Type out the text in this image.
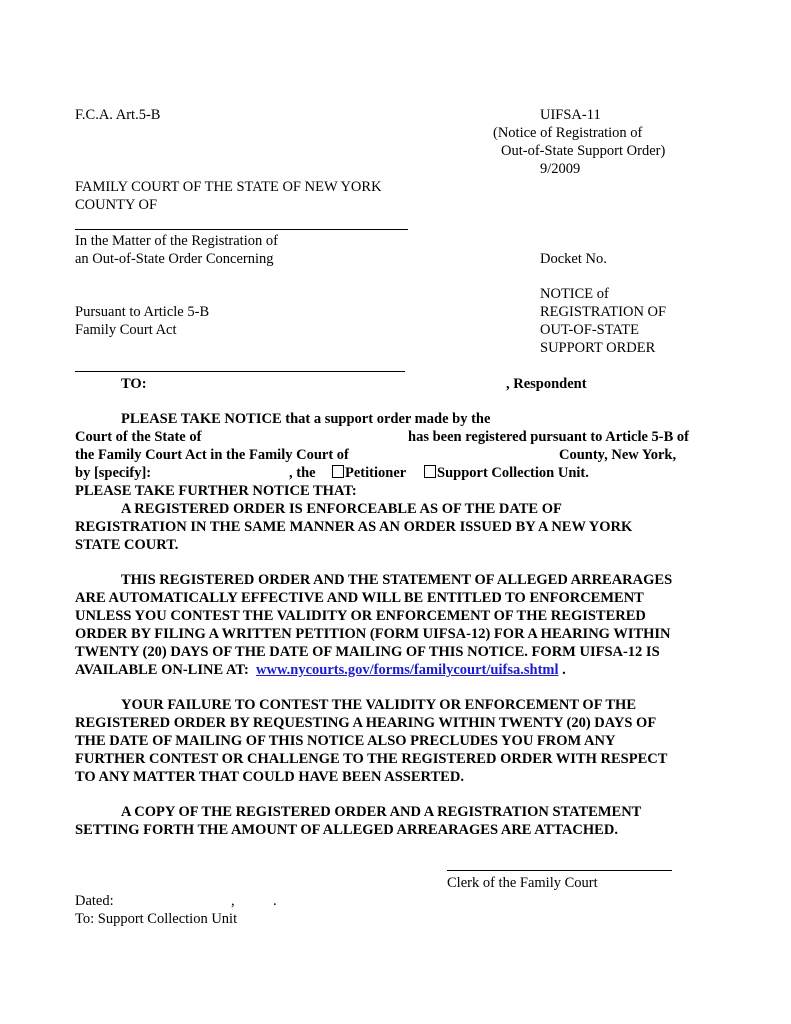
F.C.A. Art.5-B	UIFSA-11
(Notice of Registration of
Out-of-State Support Order)
9/2009
FAMILY COURT OF THE STATE OF NEW YORK
COUNTY OF
In the Matter of the Registration of
an Out-of-State Order Concerning	Docket No.
NOTICE of
Pursuant to Article 5-B	REGISTRATION OF
Family Court Act	OUT-OF-STATE
SUPPORT ORDER
TO:	, Respondent
PLEASE TAKE NOTICE that a support order made by the
Court of the State of	has been registered pursuant to Article 5-B of
the Family Court Act in the Family Court of	County, New York,
by [specify]:	, the	Petitioner	Support Collection Unit.
PLEASE TAKE FURTHER NOTICE THAT:
A REGISTERED ORDER IS ENFORCEABLE AS OF THE DATE OF
REGISTRATION IN THE SAME MANNER AS AN ORDER ISSUED BY A NEW YORK
STATE COURT.
THIS REGISTERED ORDER AND THE STATEMENT OF ALLEGED ARREARAGES
ARE AUTOMATICALLY EFFECTIVE AND WILL BE ENTITLED TO ENFORCEMENT
UNLESS YOU CONTEST THE VALIDITY OR ENFORCEMENT OF THE REGISTERED
ORDER BY FILING A WRITTEN PETITION (FORM UIFSA-12) FOR A HEARING WITHIN
TWENTY (20) DAYS OF THE DATE OF MAILING OF THIS NOTICE. FORM UIFSA-12 IS
AVAILABLE ON-LINE AT: www.nycourts.gov/forms/familycourt/uifsa.shtml .
YOUR FAILURE TO CONTEST THE VALIDITY OR ENFORCEMENT OF THE
REGISTERED ORDER BY REQUESTING A HEARING WITHIN TWENTY (20) DAYS OF
THE DATE OF MAILING OF THIS NOTICE ALSO PRECLUDES YOU FROM ANY
FURTHER CONTEST OR CHALLENGE TO THE REGISTERED ORDER WITH RESPECT
TO ANY MATTER THAT COULD HAVE BEEN ASSERTED.
A COPY OF THE REGISTERED ORDER AND A REGISTRATION STATEMENT
SETTING FORTH THE AMOUNT OF ALLEGED ARREARAGES ARE ATTACHED.
Clerk of the Family Court
Dated:	,	.
To: Support Collection Unit
